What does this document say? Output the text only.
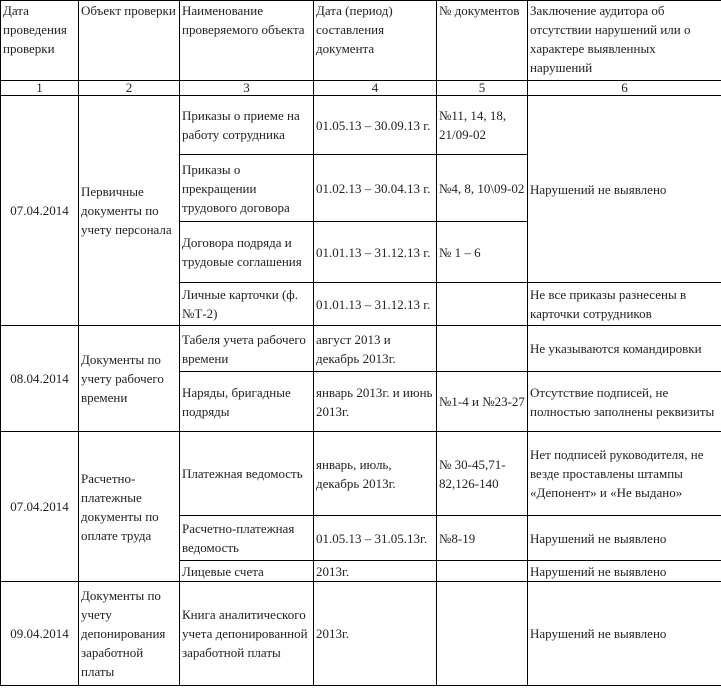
Дата проведения проверки	Объект проверки	Наименование проверяемого объекта	Дата (период) составления документа	№ документов	Заключение аудитора об отсутствии нарушений или о характере выявленных нарушений
1	2	3	4	5	6
07.04.2014	Первичные документы по учету персонала	Приказы о приеме на работу сотрудника	01.05.13 – 30.09.13 г.	№11, 14, 18, 21/09-02	Нарушений не выявлено
		Приказы о прекращении трудового договора	01.02.13 – 30.04.13 г.	№4, 8, 10\09-02	
		Договора подряда и трудовые соглашения	01.01.13 – 31.12.13 г.	№ 1 – 6	
		Личные карточки (ф. №Т-2)	01.01.13 – 31.12.13 г.		Не все приказы разнесены в карточки сотрудников
08.04.2014	Документы по учету рабочего времени	Табеля учета рабочего времени	август 2013 и декабрь 2013г.		Не указываются командировки
		Наряды, бригадные подряды	январь 2013г. и июнь 2013г.	№1-4 и №23-27	Отсутствие подписей, не полностью заполнены реквизиты
07.04.2014	Расчетно-платежные документы по оплате труда	Платежная ведомость	январь, июль, декабрь 2013г.	№ 30-45,71-82,126-140	Нет подписей руководителя, не везде проставлены штампы «Депонент» и «Не выдано»
		Расчетно-платежная ведомость	01.05.13 – 31.05.13г.	№8-19	Нарушений не выявлено
		Лицевые счета	2013г.		Нарушений не выявлено
09.04.2014	Документы по учету депонирования заработной платы	Книга аналитического учета депонированной заработной платы	2013г.		Нарушений не выявлено
